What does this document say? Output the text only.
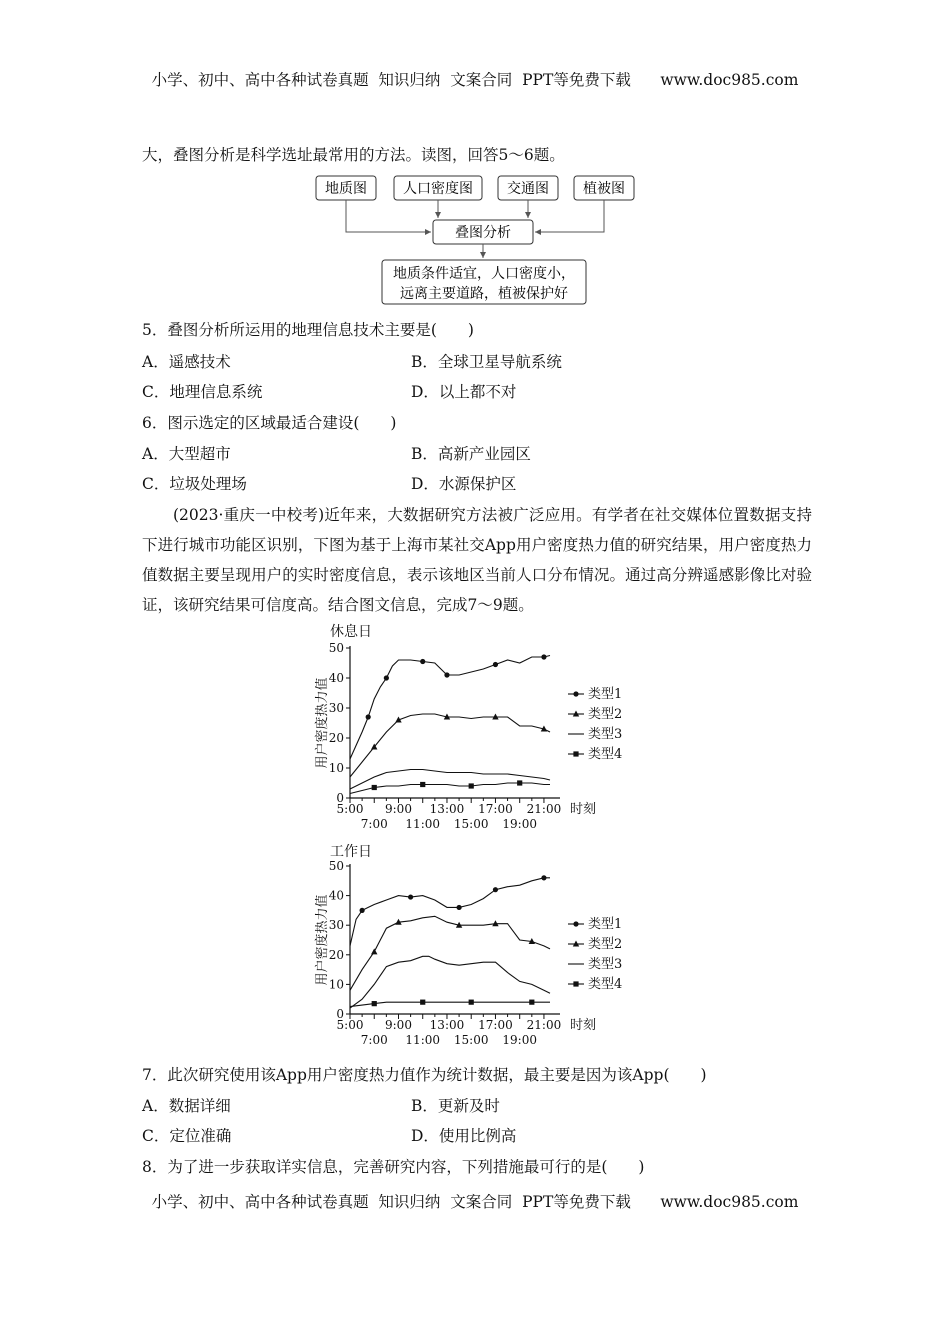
小学、初中、高中各种试卷真题  知识归纳  文案合同  PPT等免费下载      www.doc985.com
大，叠图分析是科学选址最常用的方法。读图，回答5～6题。
地质图	人口密度图 交通图 植被图
叠图分析
地质条件适宜，人口密度小，
远离主要道路，植被保护好
5．叠图分析所运用的地理信息技术主要是(　　)
A．遥感技术	B．全球卫星导航系统
C．地理信息系统	D．以上都不对
6．图示选定的区域最适合建设(　　)
A．大型超市	B．高新产业园区
C．垃圾处理场	D．水源保护区
(2023·重庆一中校考)近年来，大数据研究方法被广泛应用。有学者在社交媒体位置数据支持下进行城市功能区识别，下图为基于上海市某社交App用户密度热力值的研究结果，用户密度热力值数据主要呈现用户的实时密度信息，表示该地区当前人口分布情况。通过高分辨遥感影像比对验证，该研究结果可信度高。结合图文信息，完成7～9题。
休息日
用户密度热力值
0
10
20
30
40
50
5:00 9:00 13:00 17:00 21:00
7:00 11:00 15:00 19:00
时刻
类型1
类型2
类型3
类型4
工作日
用户密度热力值
0
10
20
30
40
50
5:00 9:00 13:00 17:00 21:00
7:00 11:00 15:00 19:00
时刻
类型1
类型2
类型3
类型4
7．此次研究使用该App用户密度热力值作为统计数据，最主要是因为该App(　　)
A．数据详细	B．更新及时
C．定位准确	D．使用比例高
8．为了进一步获取详实信息，完善研究内容，下列措施最可行的是(　　)
小学、初中、高中各种试卷真题  知识归纳  文案合同  PPT等免费下载      www.doc985.com
